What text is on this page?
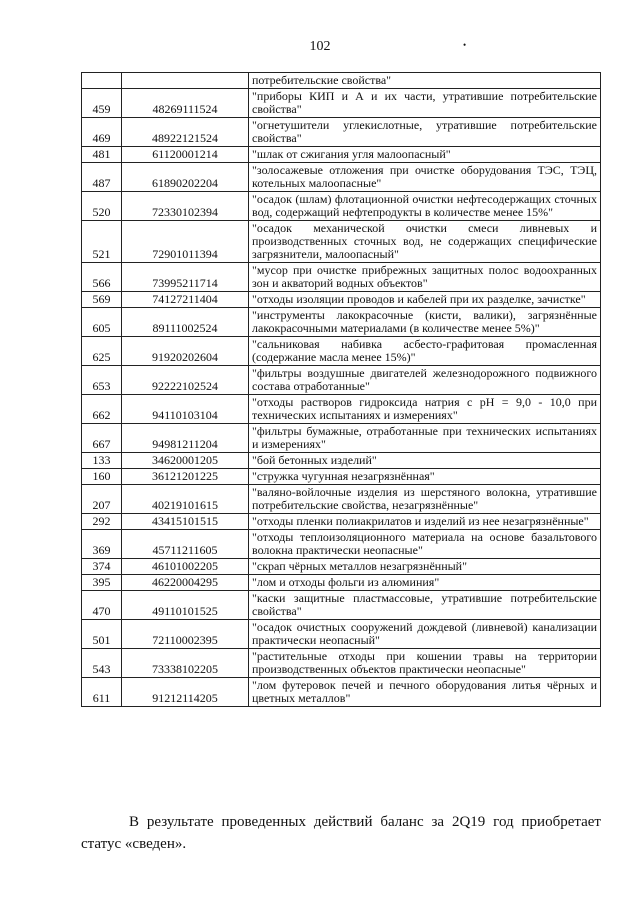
102	•
		потребительские свойства"
459	48269111524	"приборы КИП и А и их части, утратившие потребительские свойства"
469	48922121524	"огнетушители углекислотные, утратившие потребительские свойства"
481	61120001214	"шлак от сжигания угля малоопасный"
487	61890202204	"золосажевые отложения при очистке оборудования ТЭС, ТЭЦ, котельных малоопасные"
520	72330102394	"осадок (шлам) флотационной очистки нефтесодержащих сточных вод, содержащий нефтепродукты в количестве менее 15%"
521	72901011394	"осадок механической очистки смеси ливневых и производственных сточных вод, не содержащих специфические загрязнители, малоопасный"
566	73995211714	"мусор при очистке прибрежных защитных полос водоохранных зон и акваторий водных объектов"
569	74127211404	"отходы изоляции проводов и кабелей при их разделке, зачистке"
605	89111002524	"инструменты лакокрасочные (кисти, валики), загрязнённые лакокрасочными материалами (в количестве менее 5%)"
625	91920202604	"сальниковая набивка асбесто-графитовая промасленная (содержание масла менее 15%)"
653	92222102524	"фильтры воздушные двигателей железнодорожного подвижного состава отработанные"
662	94110103104	"отходы растворов гидроксида натрия с рН = 9,0 - 10,0 при технических испытаниях и измерениях"
667	94981211204	"фильтры бумажные, отработанные при технических испытаниях и измерениях"
133	34620001205	"бой бетонных изделий"
160	36121201225	"стружка чугунная незагрязнённая"
207	40219101615	"валяно-войлочные изделия из шерстяного волокна, утратившие потребительские свойства, незагрязнённые"
292	43415101515	"отходы пленки полиакрилатов и изделий из нее незагрязнённые"
369	45711211605	"отходы теплоизоляционного материала на основе базальтового волокна практически неопасные"
374	46101002205	"скрап чёрных металлов незагрязнённый"
395	46220004295	"лом и отходы фольги из алюминия"
470	49110101525	"каски защитные пластмассовые, утратившие потребительские свойства"
501	72110002395	"осадок очистных сооружений дождевой (ливневой) канализации практически неопасный"
543	73338102205	"растительные отходы при кошении травы на территории производственных объектов практически неопасные"
611	91212114205	"лом футеровок печей и печного оборудования литья чёрных и цветных металлов"

В результате проведенных действий баланс за 2Q19 год приобретает статус «сведен».
